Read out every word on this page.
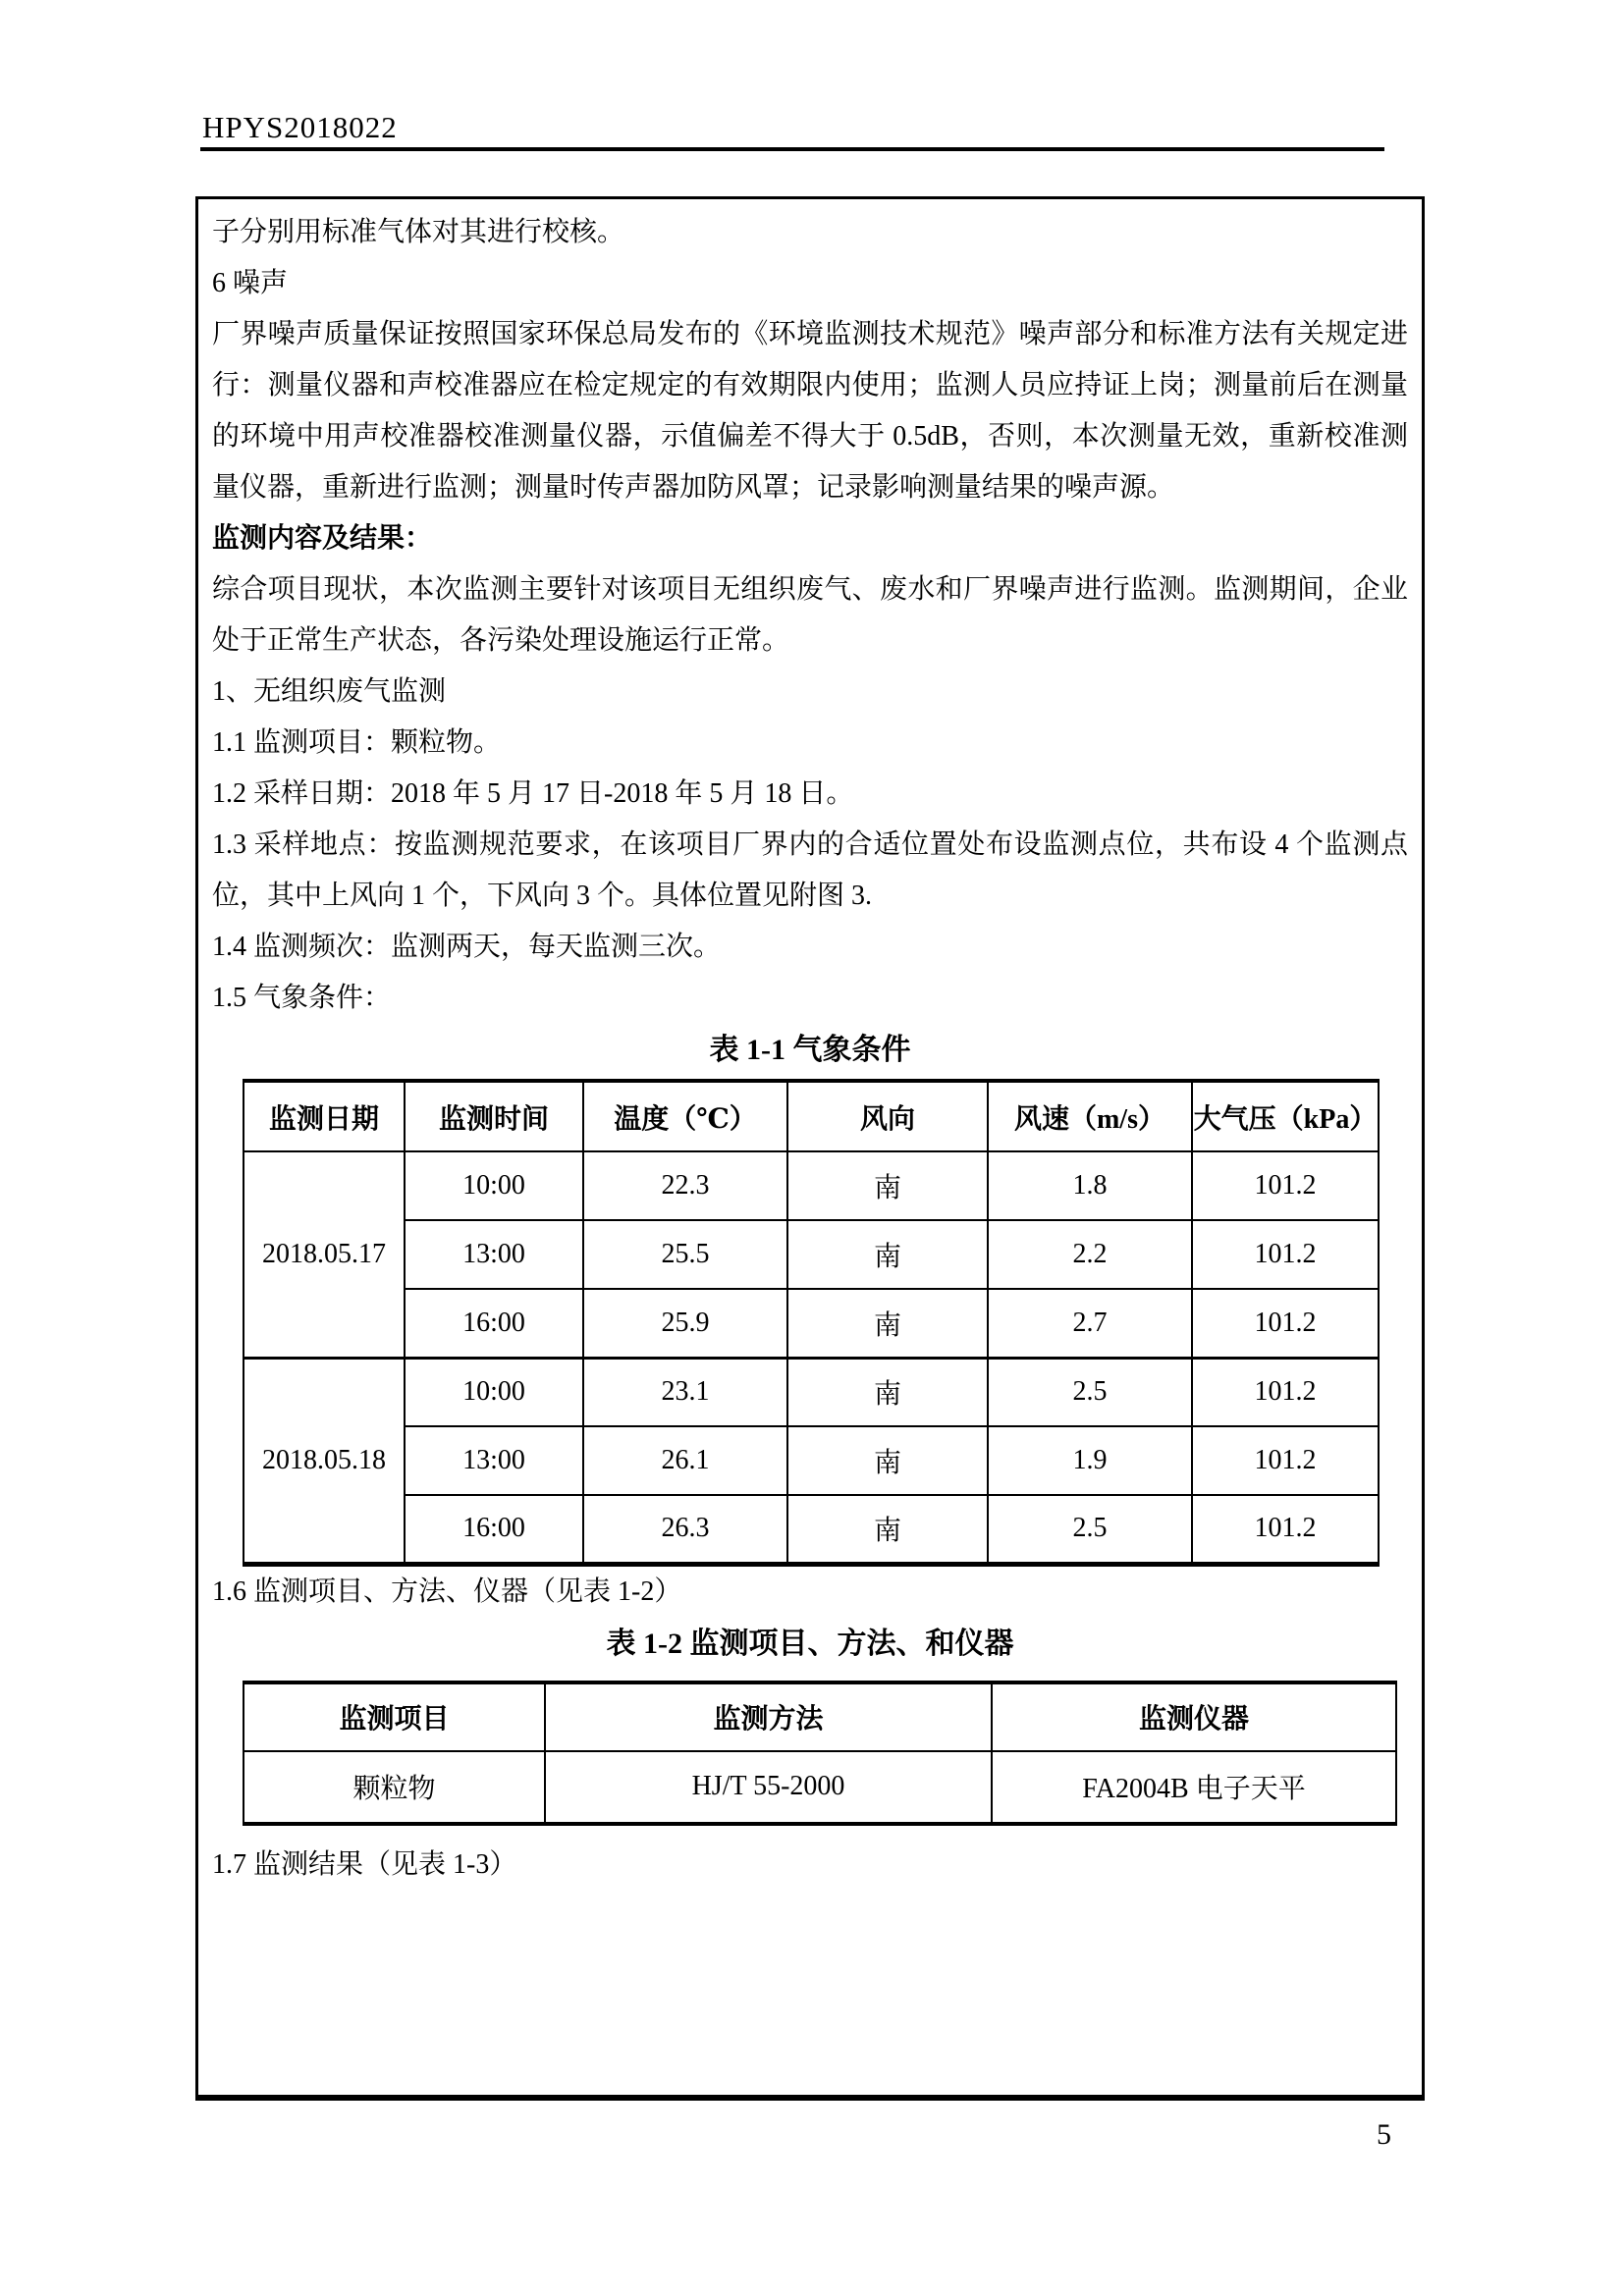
HPYS2018022

子分别用标准气体对其进行校核。

6 噪声

厂界噪声质量保证按照国家环保总局发布的《环境监测技术规范》噪声部分和标准方法有关规定进行：测量仪器和声校准器应在检定规定的有效期限内使用；监测人员应持证上岗；测量前后在测量的环境中用声校准器校准测量仪器，示值偏差不得大于 0.5dB，否则，本次测量无效，重新校准测量仪器，重新进行监测；测量时传声器加防风罩；记录影响测量结果的噪声源。

监测内容及结果：

综合项目现状，本次监测主要针对该项目无组织废气、废水和厂界噪声进行监测。监测期间，企业处于正常生产状态，各污染处理设施运行正常。

1、无组织废气监测

1.1 监测项目：颗粒物。

1.2 采样日期：2018 年 5 月 17 日-2018 年 5 月 18 日。

1.3 采样地点：按监测规范要求，在该项目厂界内的合适位置处布设监测点位，共布设 4 个监测点位，其中上风向 1 个，下风向 3 个。具体位置见附图 3.

1.4 监测频次：监测两天，每天监测三次。

1.5 气象条件：

表 1-1 气象条件

监测日期	监测时间	温度（℃）	风向	风速（m/s）	大气压（kPa）
2018.05.17	10:00	22.3	南	1.8	101.2
	13:00	25.5	南	2.2	101.2
	16:00	25.9	南	2.7	101.2
2018.05.18	10:00	23.1	南	2.5	101.2
	13:00	26.1	南	1.9	101.2
	16:00	26.3	南	2.5	101.2

1.6 监测项目、方法、仪器（见表 1-2）

表 1-2 监测项目、方法、和仪器

监测项目	监测方法	监测仪器
颗粒物	HJ/T 55-2000	FA2004B 电子天平

1.7 监测结果（见表 1-3）

5
